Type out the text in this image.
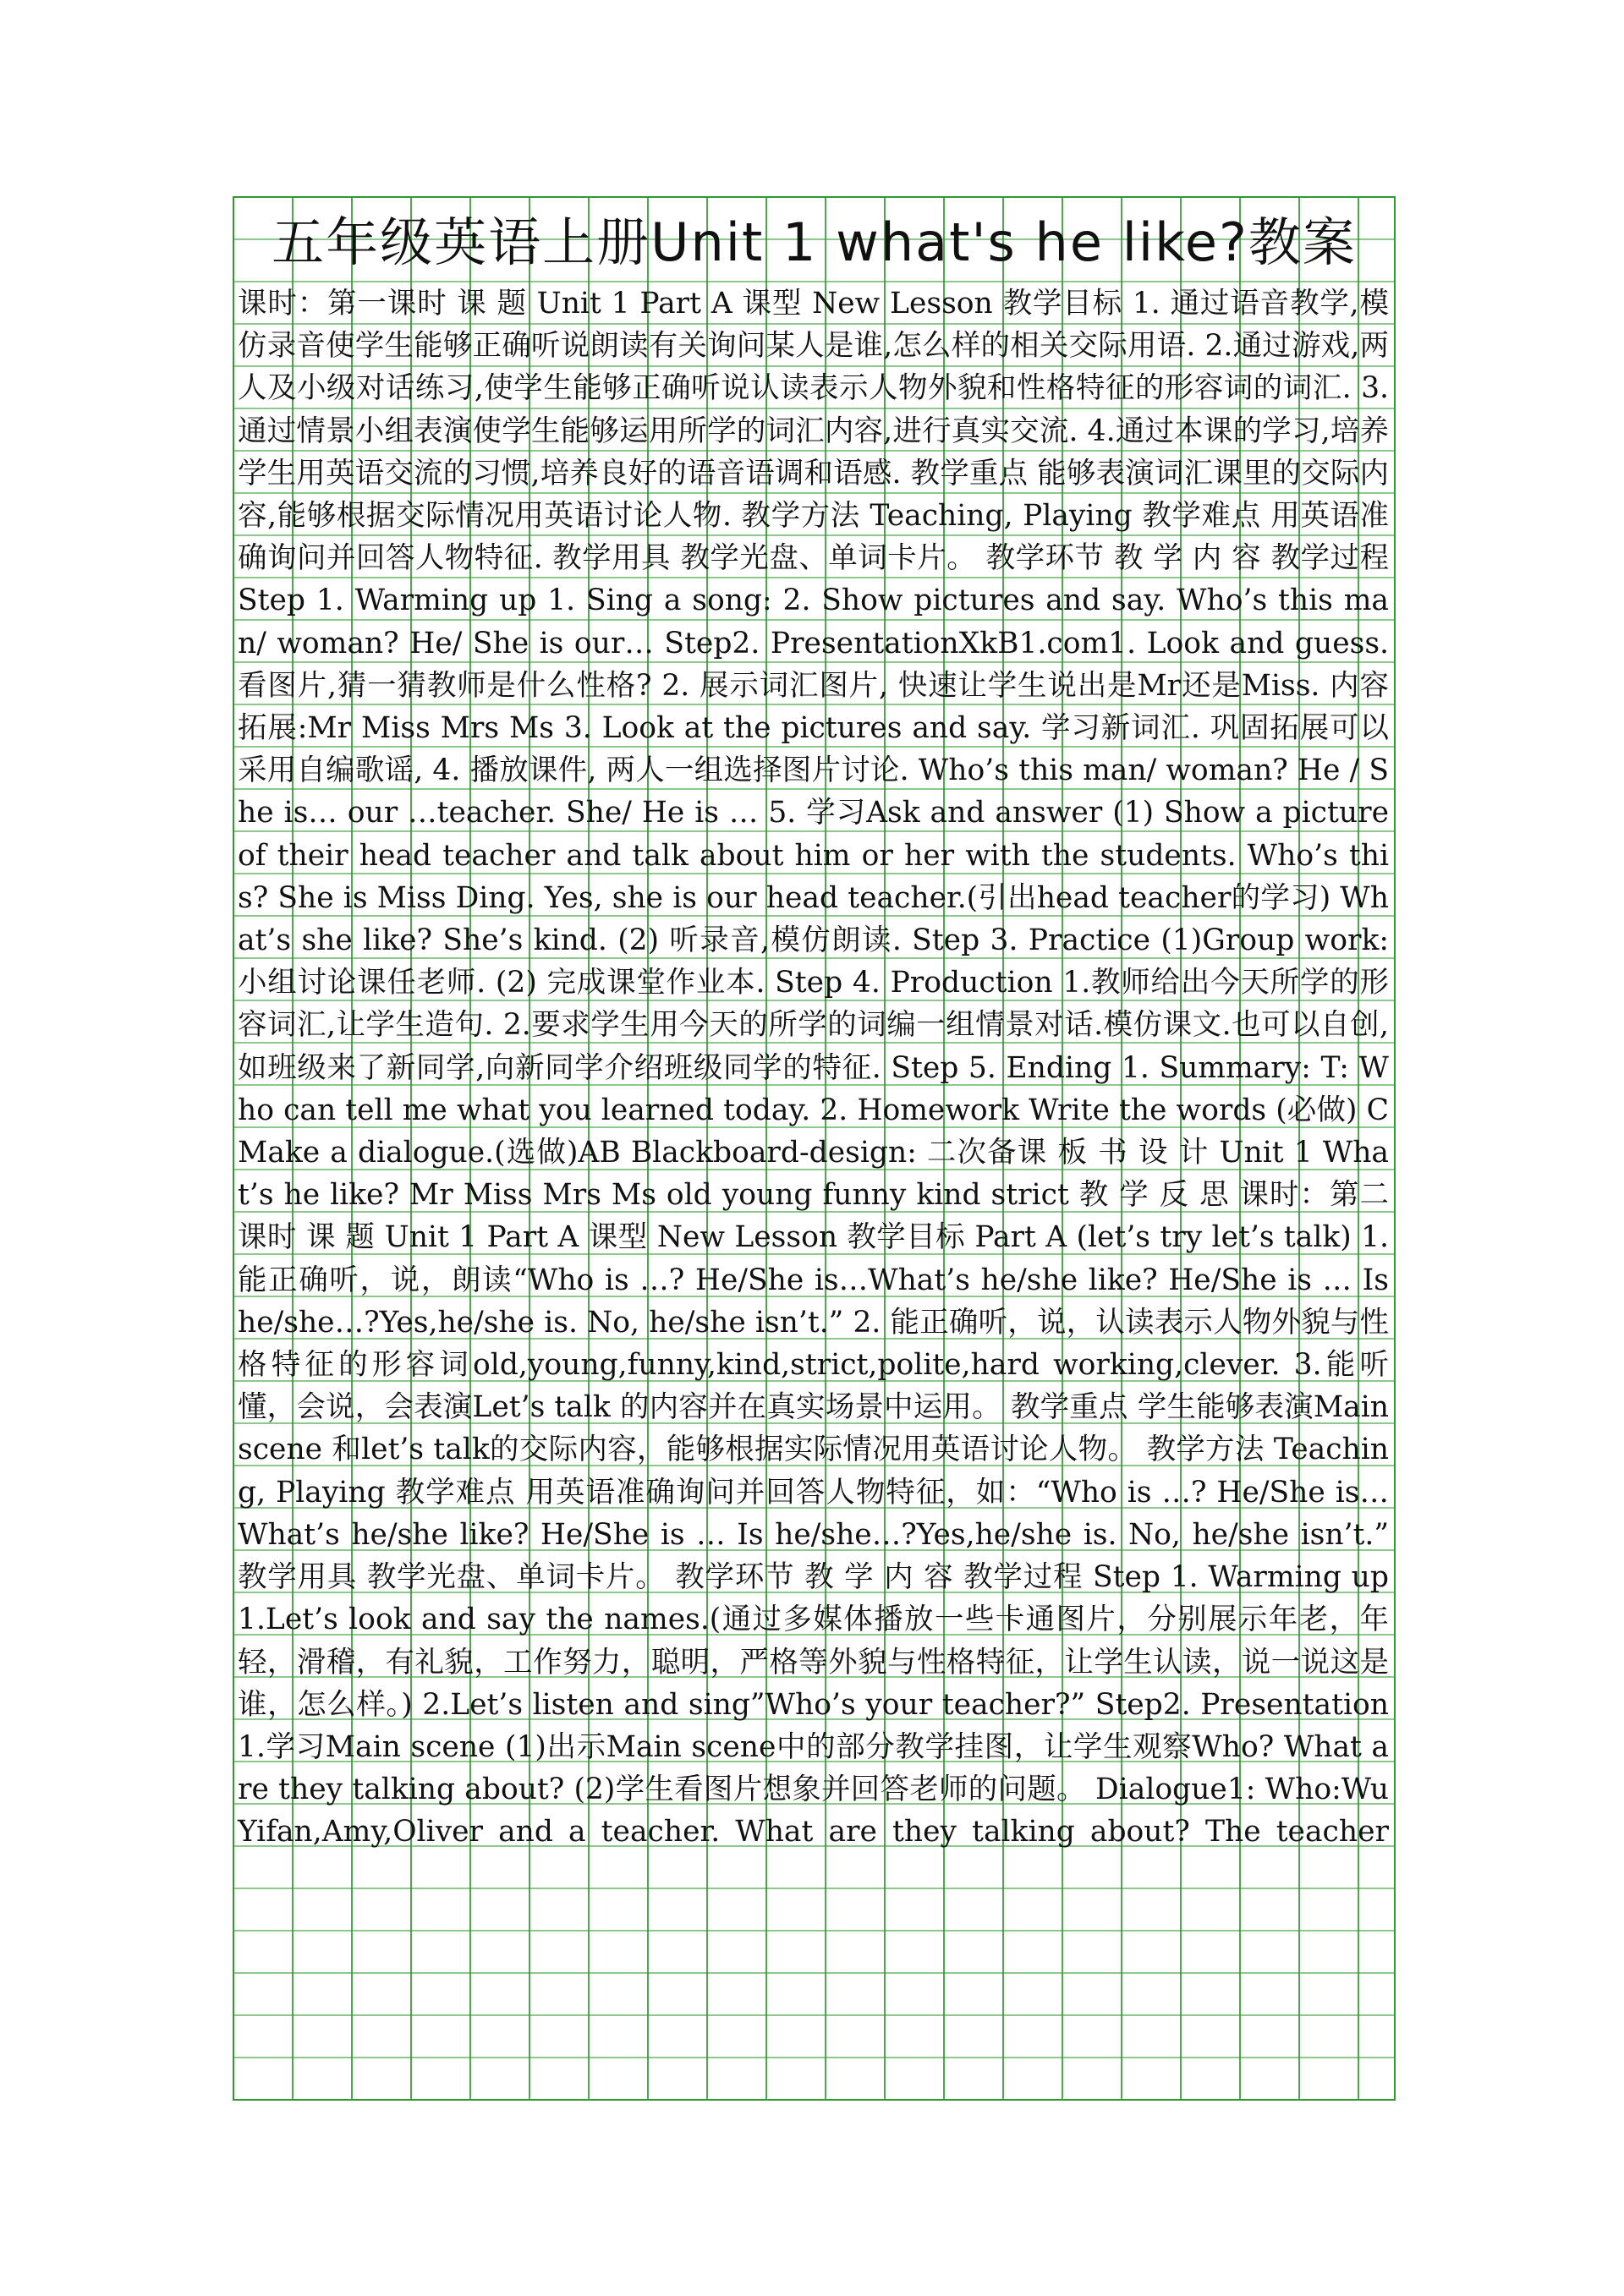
五年级英语上册Unit 1 what's he like?教案

课时：第一课时 课 题 Unit 1 Part A 课型 New Lesson 教学目标 1. 通过语音教学,模仿录音使学生能够正确听说朗读有关询问某人是谁,怎么样的相关交际用语. 2.通过游戏,两人及小级对话练习,使学生能够正确听说认读表示人物外貌和性格特征的形容词的词汇. 3.通过情景小组表演使学生能够运用所学的词汇内容,进行真实交流. 4.通过本课的学习,培养学生用英语交流的习惯,培养良好的语音语调和语感. 教学重点 能够表演词汇课里的交际内容,能够根据交际情况用英语讨论人物. 教学方法 Teaching, Playing 教学难点 用英语准确询问并回答人物特征. 教学用具 教学光盘、单词卡片。 教学环节 教 学 内 容 教学过程 Step 1. Warming up 1. Sing a song: 2. Show pictures and say. Who’s this man/ woman? He/ She is our… Step2. PresentationXkB1.com1. Look and guess.看图片,猜一猜教师是什么性格? 2. 展示词汇图片, 快速让学生说出是Mr还是Miss. 内容拓展:Mr Miss Mrs Ms 3. Look at the pictures and say. 学习新词汇. 巩固拓展可以采用自编歌谣, 4. 播放课件, 两人一组选择图片讨论. Who’s this man/ woman? He / She is… our …teacher. She/ He is … 5. 学习Ask and answer (1) Show a picture of their head teacher and talk about him or her with the students. Who’s this? She is Miss Ding. Yes, she is our head teacher.(引出head teacher的学习) What’s she like? She’s kind. (2) 听录音,模仿朗读. Step 3. Practice (1)Group work: 小组讨论课任老师. (2) 完成课堂作业本. Step 4. Production 1.教师给出今天所学的形容词汇,让学生造句. 2.要求学生用今天的所学的词编一组情景对话.模仿课文.也可以自创,如班级来了新同学,向新同学介绍班级同学的特征. Step 5. Ending 1. Summary: T: Who can tell me what you learned today. 2. Homework Write the words (必做) C Make a dialogue.(选做)AB Blackboard-design: 二次备课 板 书 设 计 Unit 1 What’s he like? Mr Miss Mrs Ms old young funny kind strict 教 学 反 思 课时：第二课时 课 题 Unit 1 Part A 课型 New Lesson 教学目标 Part A (let’s try let’s talk) 1. 能正确听，说，朗读“Who is …? He/She is…What’s he/she like? He/She is … Is he/she…?Yes,he/she is. No, he/she isn’t.” 2. 能正确听，说，认读表示人物外貌与性格特征的形容词old,young,funny,kind,strict,polite,hard working,clever. 3.能听懂，会说，会表演Let’s talk 的内容并在真实场景中运用。 教学重点 学生能够表演Main scene 和let’s talk的交际内容，能够根据实际情况用英语讨论人物。 教学方法 Teaching, Playing 教学难点 用英语准确询问并回答人物特征，如：“Who is …? He/She is…What’s he/she like? He/She is … Is he/she…?Yes,he/she is. No, he/she isn’t.” 教学用具 教学光盘、单词卡片。 教学环节 教 学 内 容 教学过程 Step 1. Warming up 1.Let’s look and say the names.(通过多媒体播放一些卡通图片，分别展示年老，年轻，滑稽，有礼貌，工作努力，聪明，严格等外貌与性格特征，让学生认读，说一说这是谁，怎么样。) 2.Let’s listen and sing”Who’s your teacher?” Step2. Presentation 1.学习Main scene (1)出示Main scene中的部分教学挂图，让学生观察Who? What are they talking about? (2)学生看图片想象并回答老师的问题。 Dialogue1: Who:Wu Yifan,Amy,Oliver and a teacher. What are they talking about? The teacher
